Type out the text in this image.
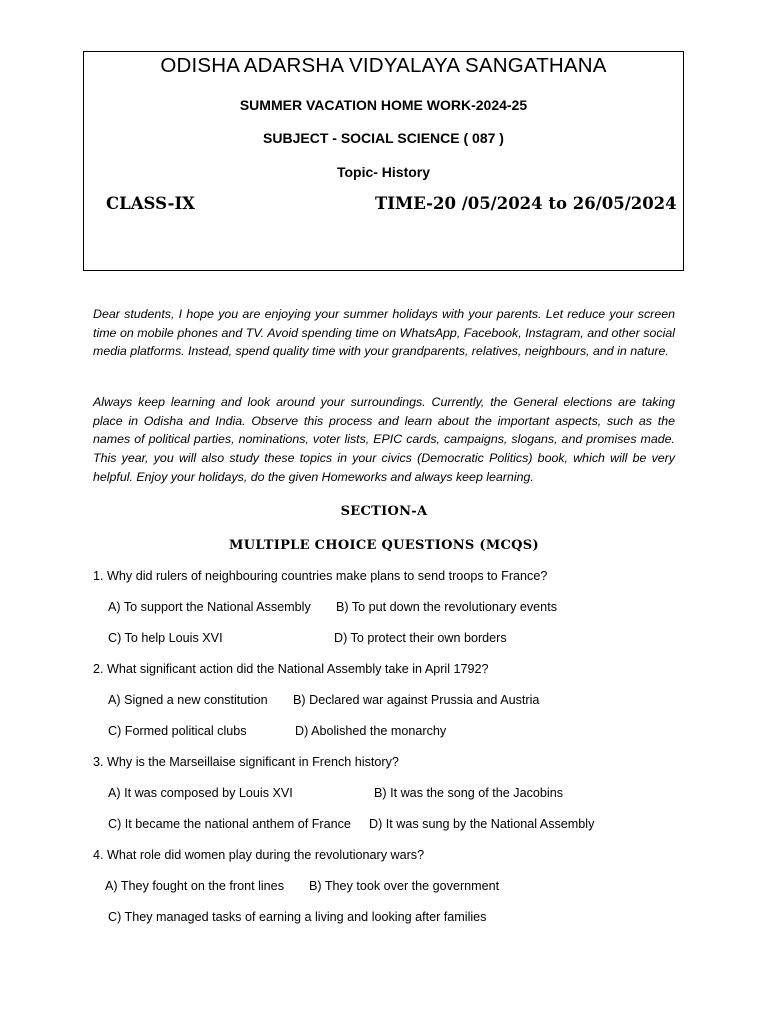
ODISHA ADARSHA VIDYALAYA SANGATHANA
SUMMER VACATION HOME WORK-2024-25
SUBJECT - SOCIAL SCIENCE ( 087 )
Topic- History
CLASS-IX	TIME-20 /05/2024 to 26/05/2024
Dear students, I hope you are enjoying your summer holidays with your parents. Let reduce your screen time on mobile phones and TV. Avoid spending time on WhatsApp, Facebook, Instagram, and other social media platforms. Instead, spend quality time with your grandparents, relatives, neighbours, and in nature.
Always keep learning and look around your surroundings. Currently, the General elections are taking place in Odisha and India. Observe this process and learn about the important aspects, such as the names of political parties, nominations, voter lists, EPIC cards, campaigns, slogans, and promises made. This year, you will also study these topics in your civics (Democratic Politics) book, which will be very helpful. Enjoy your holidays, do the given Homeworks and always keep learning.
SECTION-A
MULTIPLE CHOICE QUESTIONS (MCQS)
1. Why did rulers of neighbouring countries make plans to send troops to France?
A) To support the National Assembly B) To put down the revolutionary events
C) To help Louis XVI	D) To protect their own borders
2. What significant action did the National Assembly take in April 1792?
A) Signed a new constitution B) Declared war against Prussia and Austria
C) Formed political clubs	D) Abolished the monarchy
3. Why is the Marseillaise significant in French history?
A) It was composed by Louis XVI	B) It was the song of the Jacobins
C) It became the national anthem of France D) It was sung by the National Assembly
4. What role did women play during the revolutionary wars?
A) They fought on the front lines B) They took over the government
C) They managed tasks of earning a living and looking after families
